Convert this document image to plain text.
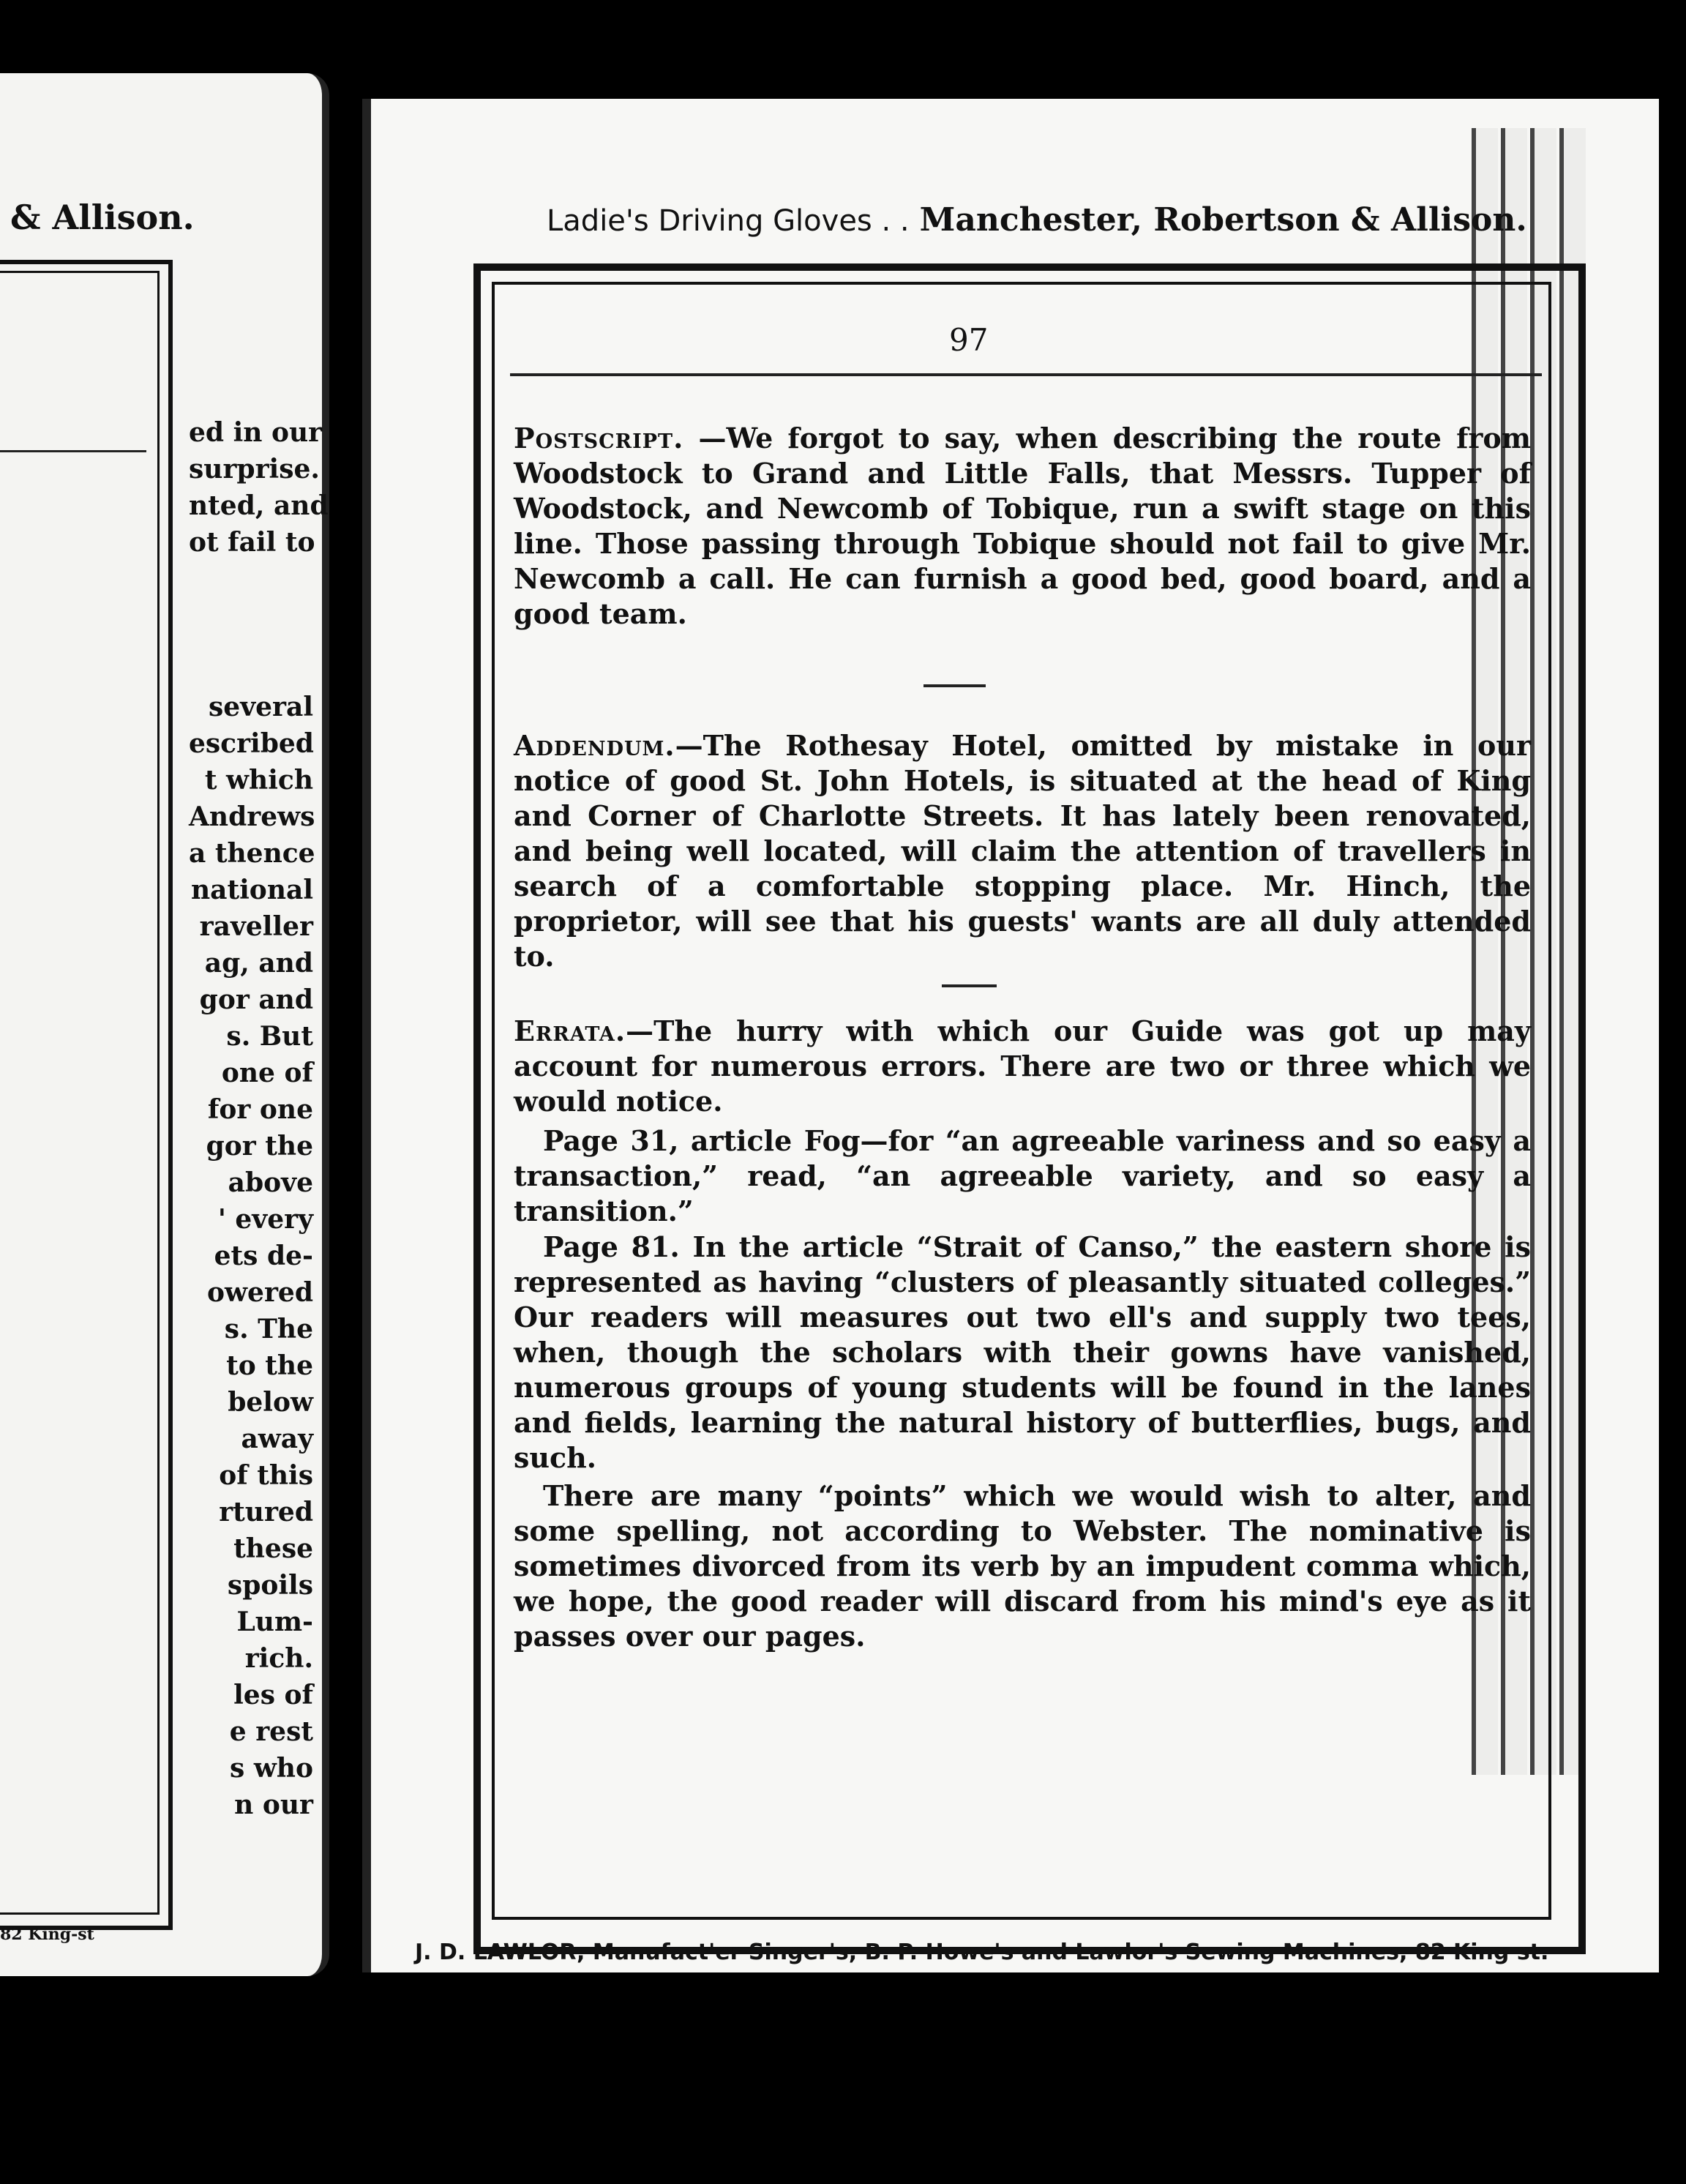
& Allison.
ed in our
surprise.
nted, and
ot fail to
several
escribed
t which
Andrews
a thence
national
raveller
ag, and
gor and
s. But
one of
for one
gor the
above
' every
ets de-
owered
s. The
to the
below
away
of this
rtured
these
spoils
Lum-
rich.
les of
e rest
s who
n our
82 King-st
Ladie's Driving Gloves . . Manchester, Robertson & Allison.
97

Postscript. —We forgot to say, when describing the route from Woodstock to Grand and Little Falls, that Messrs. Tupper of Woodstock, and Newcomb of Tobique, run a swift stage on this line. Those passing through Tobique should not fail to give Mr. Newcomb a call. He can furnish a good bed, good board, and a good team.

Addendum.—The Rothesay Hotel, omitted by mistake in our notice of good St. John Hotels, is situated at the head of King and Corner of Charlotte Streets. It has lately been renovated, and being well located, will claim the attention of travellers in search of a comfortable stopping place. Mr. Hinch, the proprietor, will see that his guests' wants are all duly attended to.

Errata.—The hurry with which our Guide was got up may account for numerous errors. There are two or three which we would notice.

Page 31, article Fog—for “an agreeable variness and so easy a transaction,” read, “an agreeable variety, and so easy a transition.”

Page 81. In the article “Strait of Canso,” the eastern shore is represented as having “clusters of pleasantly situated colleges.” Our readers will measures out two ell's and supply two tees, when, though the scholars with their gowns have vanished, numerous groups of young students will be found in the lanes and fields, learning the natural history of butterflies, bugs, and such.

There are many “points” which we would wish to alter, and some spelling, not according to Webster. The nominative is sometimes divorced from its verb by an impudent comma which, we hope, the good reader will discard from his mind's eye as it passes over our pages.

J. D. LAWLOR, Manufact'er Singer's, B. P. Howe's and Lawlor's Sewing Machines, 82 King st.
